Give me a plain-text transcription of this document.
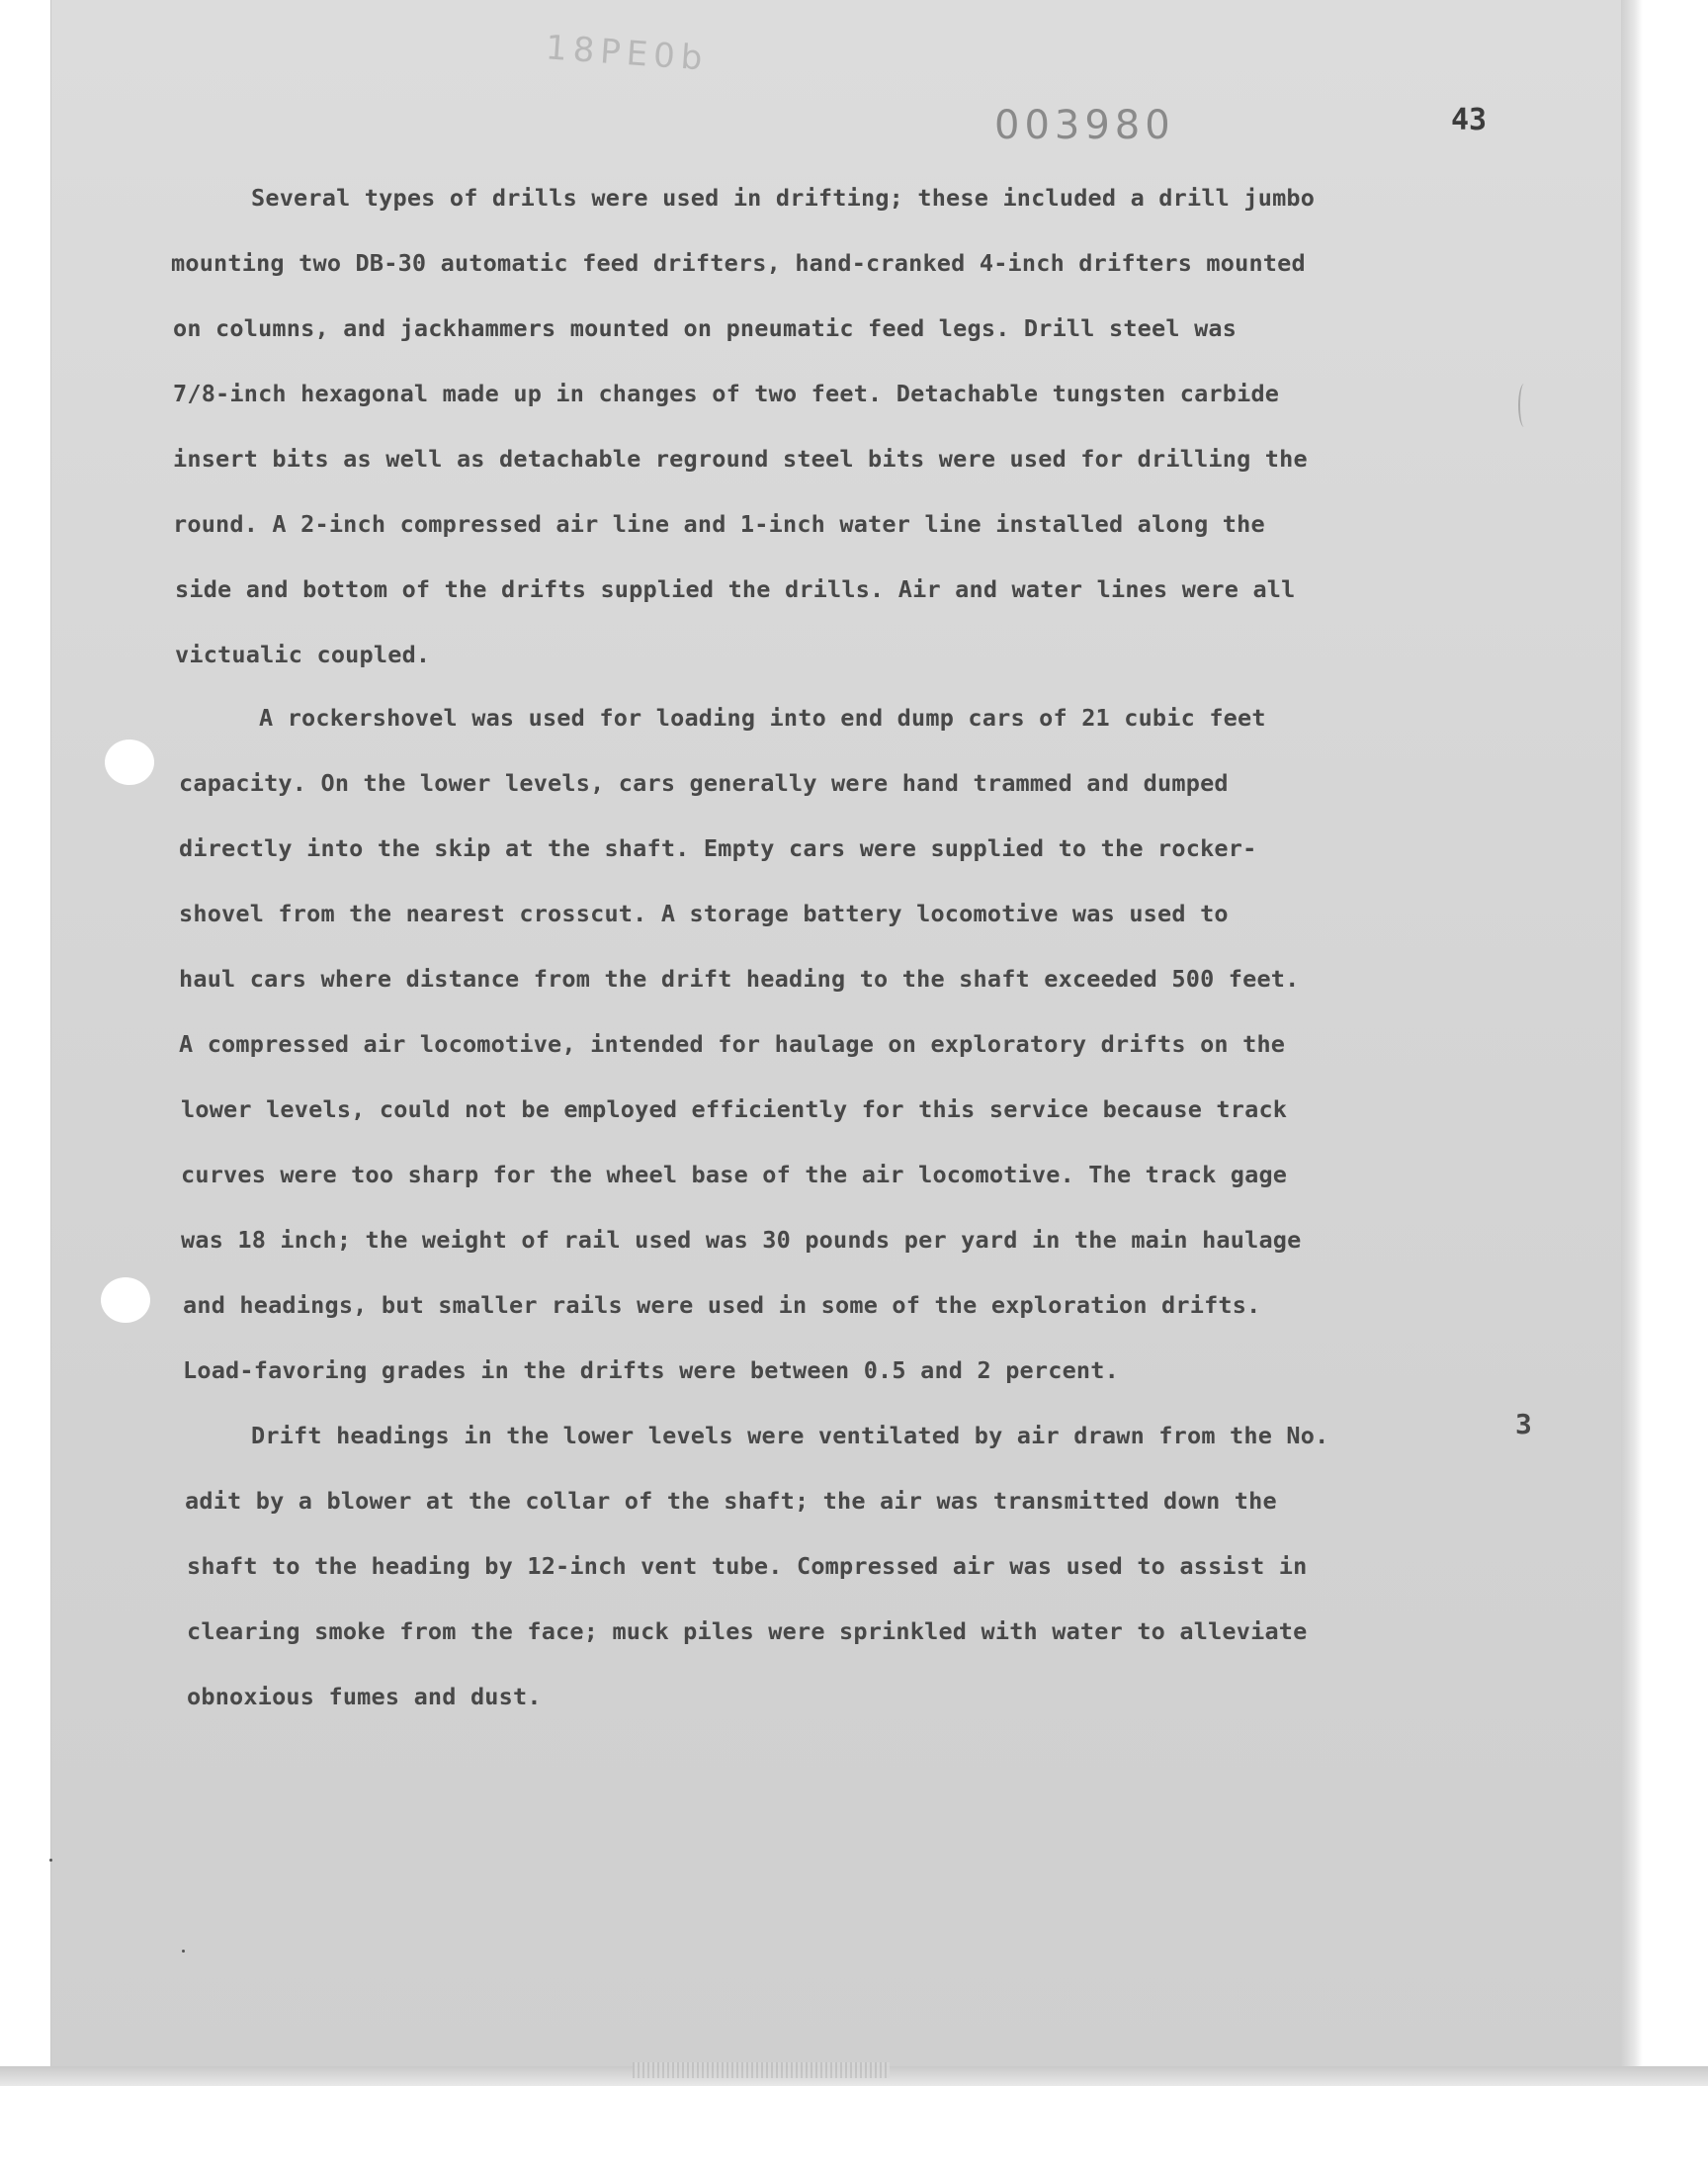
18PE0b
003980	43
Several types of drills were used in drifting; these included a drill jumbo
mounting two DB-30 automatic feed drifters, hand-cranked 4-inch drifters mounted
on columns, and jackhammers mounted on pneumatic feed legs. Drill steel was
7/8-inch hexagonal made up in changes of two feet. Detachable tungsten carbide
insert bits as well as detachable reground steel bits were used for drilling the
round. A 2-inch compressed air line and 1-inch water line installed along the
side and bottom of the drifts supplied the drills. Air and water lines were all
victualic coupled.
A rockershovel was used for loading into end dump cars of 21 cubic feet
capacity. On the lower levels, cars generally were hand trammed and dumped
directly into the skip at the shaft. Empty cars were supplied to the rocker-
shovel from the nearest crosscut. A storage battery locomotive was used to
haul cars where distance from the drift heading to the shaft exceeded 500 feet.
A compressed air locomotive, intended for haulage on exploratory drifts on the
lower levels, could not be employed efficiently for this service because track
curves were too sharp for the wheel base of the air locomotive. The track gage
was 18 inch; the weight of rail used was 30 pounds per yard in the main haulage
and headings, but smaller rails were used in some of the exploration drifts.
Load-favoring grades in the drifts were between 0.5 and 2 percent.
Drift headings in the lower levels were ventilated by air drawn from the No.	3
adit by a blower at the collar of the shaft; the air was transmitted down the
shaft to the heading by 12-inch vent tube. Compressed air was used to assist in
clearing smoke from the face; muck piles were sprinkled with water to alleviate
obnoxious fumes and dust.
